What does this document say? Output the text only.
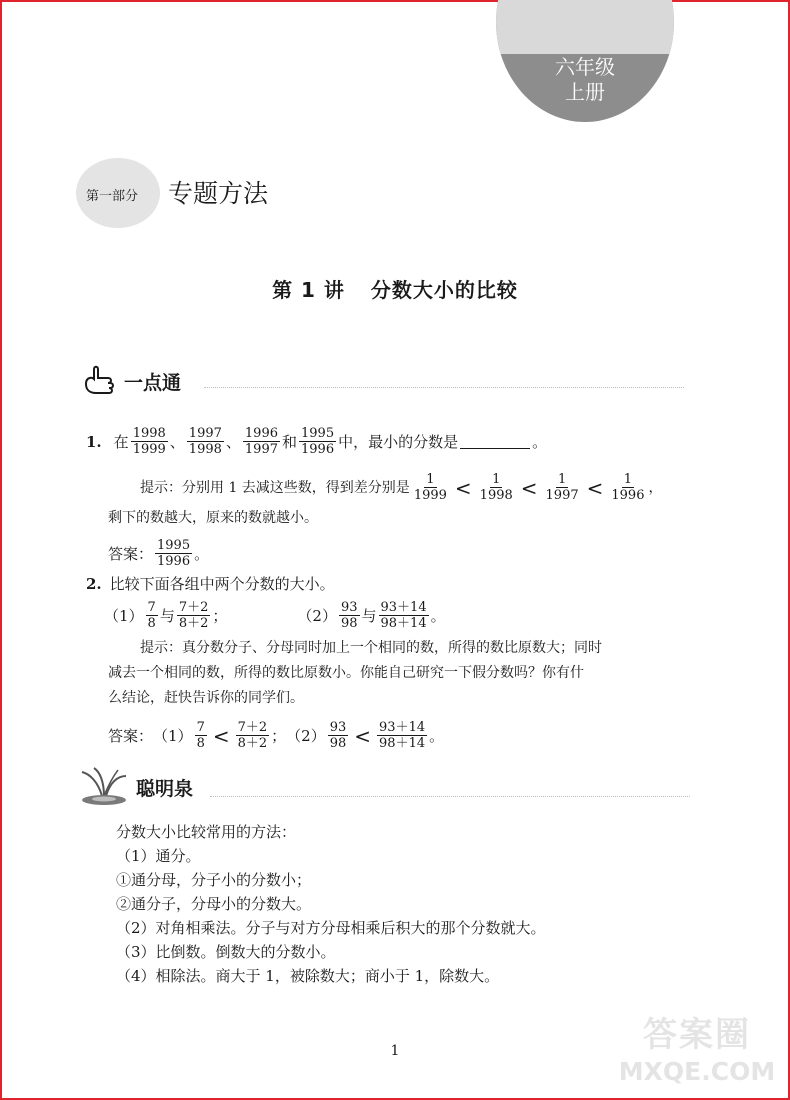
六年级
上册
第一部分 专题方法
第 1 讲 分数大小的比较
一点通
1. 在 $\frac{1998}{1999}$ 、 $\frac{1997}{1998}$ 、 $\frac{1996}{1997}$ 和 $\frac{1995}{1996}$ 中，最小的分数是	。
提示：分别用 1 去减这些数，得到差分别是 $\frac{1}{1999} < \frac{1}{1998} < \frac{1}{1997} < \frac{1}{1996}$ ，
剩下的数越大，原来的数就越小。
答案： $\frac{1995}{1996}$ 。
2. 比较下面各组中两个分数的大小。
$(1) \frac{7}{8}$ 与 $\frac{7+2}{8+2}$ ；	$(2) \frac{93}{98}$ 与 $\frac{93+14}{98+14}$ 。
提示：真分数分子、分母同时加上一个相同的数，所得的数比原数大；同时
减去一个相同的数，所得的数比原数小。你能自己研究一下假分数吗？你有什
么结论，赶快告诉你的同学们。
答案： $(1) \frac{7}{8} < \frac{7+2}{8+2}$ ； $(2) \frac{93}{98} < \frac{93+14}{98+14}$ 。
聪明泉
分数大小比较常用的方法：
（1）通分。
①通分母，分子小的分数小；
②通分子，分母小的分数大。
（2）对角相乘法。分子与对方分母相乘后积大的那个分数就大。
（3）比倒数。倒数大的分数小。
（4）相除法。商大于 1，被除数大；商小于 1，除数大。
1	答案圈
MXQE.COM
